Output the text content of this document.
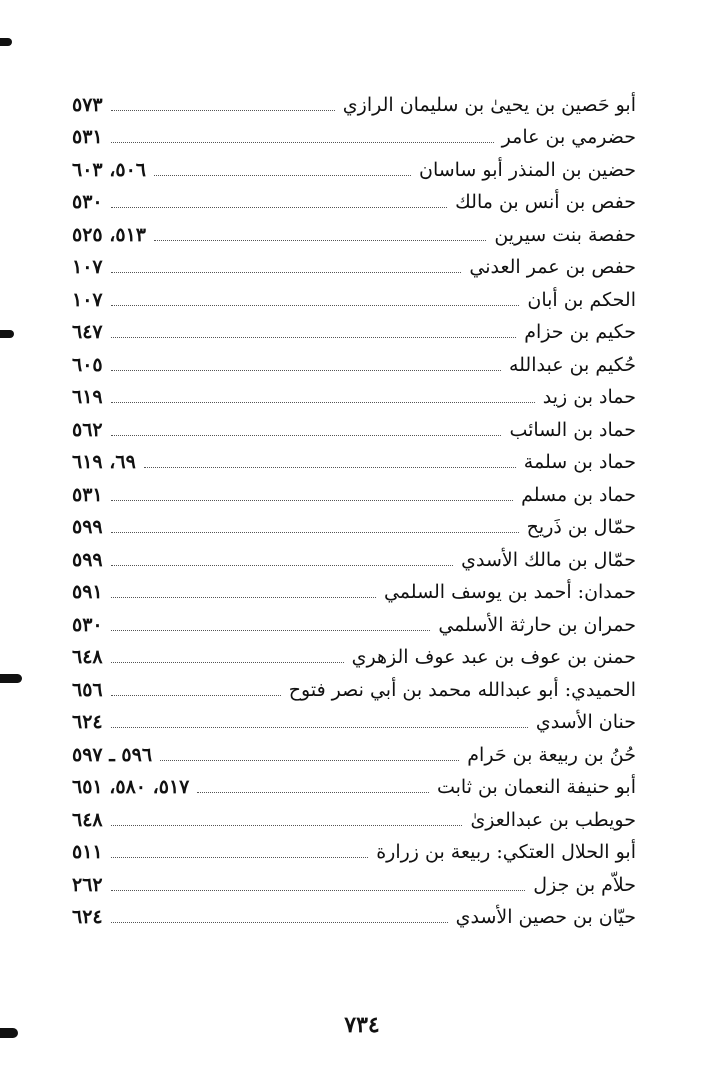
أبو حَصين بن يحيىٰ بن سليمان الرازي
٥٧٣
حضرمي بن عامر
٥٣١
حضين بن المنذر أبو ساسان
٥٠٦، ٦٠٣
حفص بن أنس بن مالك
٥٣٠
حفصة بنت سيرين
٥١٣، ٥٢٥
حفص بن عمر العدني
١٠٧
الحكم بن أبان
١٠٧
حكيم بن حزام
٦٤٧
حُكيم بن عبدالله
٦٠٥
حماد بن زيد
٦١٩
حماد بن السائب
٥٦٢
حماد بن سلمة
٦٩، ٦١٩
حماد بن مسلم
٥٣١
حمّال بن ذَريح
٥٩٩
حمّال بن مالك الأسدي
٥٩٩
حمدان: أحمد بن يوسف السلمي
٥٩١
حمران بن حارثة الأسلمي
٥٣٠
حمنن بن عوف بن عبد عوف الزهري
٦٤٨
الحميدي: أبو عبدالله محمد بن أبي نصر فتوح
٦٥٦
حنان الأسدي
٦٢٤
حُنُ بن ربيعة بن حَرام
٥٩٦ ـ ٥٩٧
أبو حنيفة النعمان بن ثابت
٥١٧، ٥٨٠، ٦٥١
حويطب بن عبدالعزىٰ
٦٤٨
أبو الحلال العتكي: ربيعة بن زرارة
٥١١
حلاّم بن جزل
٢٦٢
حيّان بن حصين الأسدي
٦٢٤
٧٣٤
